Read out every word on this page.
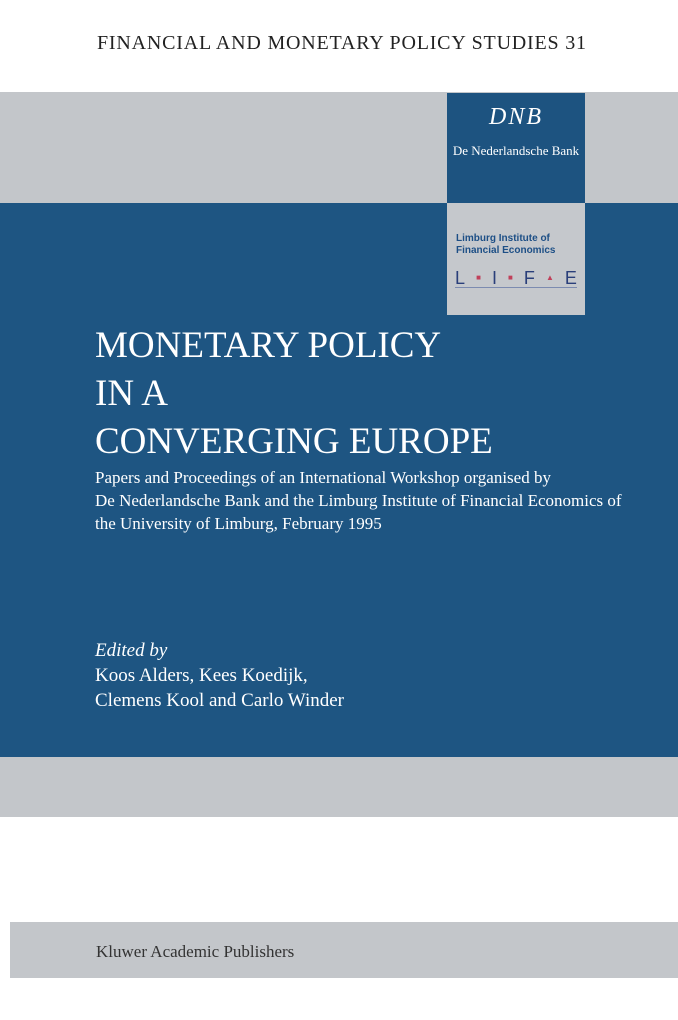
FINANCIAL AND MONETARY POLICY STUDIES 31
DNB
De Nederlandsche Bank
Limburg Institute of Financial Economics
L ■ I ■ F ▲ E
MONETARY POLICY
IN A
CONVERGING EUROPE
Papers and Proceedings of an International Workshop organised by
De Nederlandsche Bank and the Limburg Institute of Financial Economics of
the University of Limburg, February 1995
Edited by
Koos Alders, Kees Koedijk,
Clemens Kool and Carlo Winder
Kluwer Academic Publishers
